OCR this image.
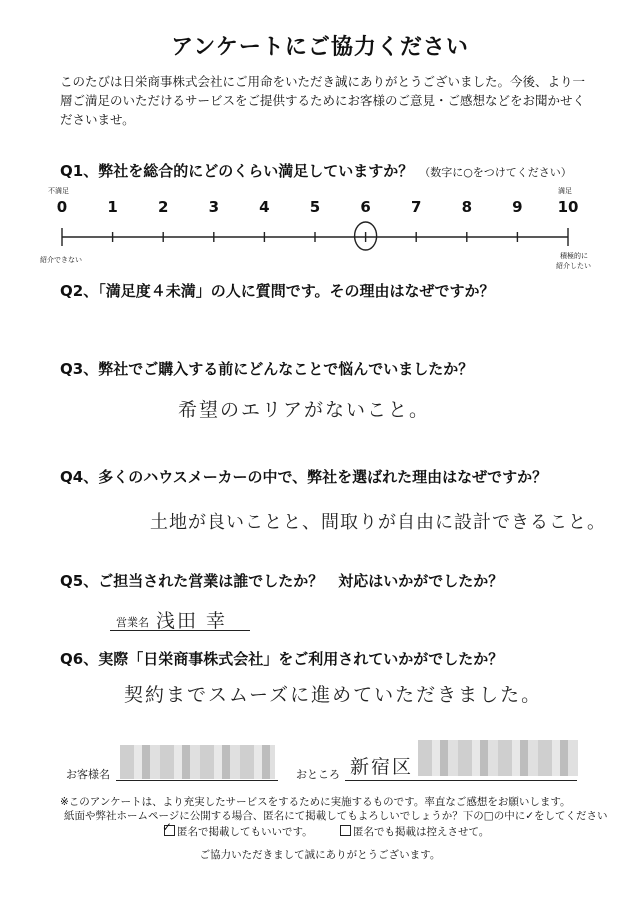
アンケートにご協力ください
このたびは日栄商事株式会社にご用命をいただき誠にありがとうございました。今後、より一層ご満足のいただけるサービスをご提供するためにお客様のご意見・ご感想などをお聞かせくださいませ。
Q1、弊社を総合的にどのくらい満足していますか？ （数字に○をつけてください）
不満足	満足
紹介できない	積極的に
紹介したい
0	1	2	3	4	5	6	7	8	9	10
Q2、「満足度４未満」の人に質問です。その理由はなぜですか？
Q3、弊社でご購入する前にどんなことで悩んでいましたか？
希望のエリアがないこと。
Q4、多くのハウスメーカーの中で、弊社を選ばれた理由はなぜですか？
土地が良いことと、間取りが自由に設計できること。
Q5、ご担当された営業は誰でしたか？　対応はいかがでしたか？
営業名 浅田 幸
Q6、実際「日栄商事株式会社」をご利用されていかがでしたか？
契約までスムーズに進めていただきました。
お客様名	おところ 新宿区
※このアンケートは、より充実したサービスをするために実施するものです。率直なご感想をお願いします。
紙面や弊社ホームページに公開する場合、匿名にて掲載してもよろしいでしょうか？下の□の中に✓をしてください
✓ 匿名で掲載してもいいです。	匿名でも掲載は控えさせて。
ご協力いただきまして誠にありがとうございます。
